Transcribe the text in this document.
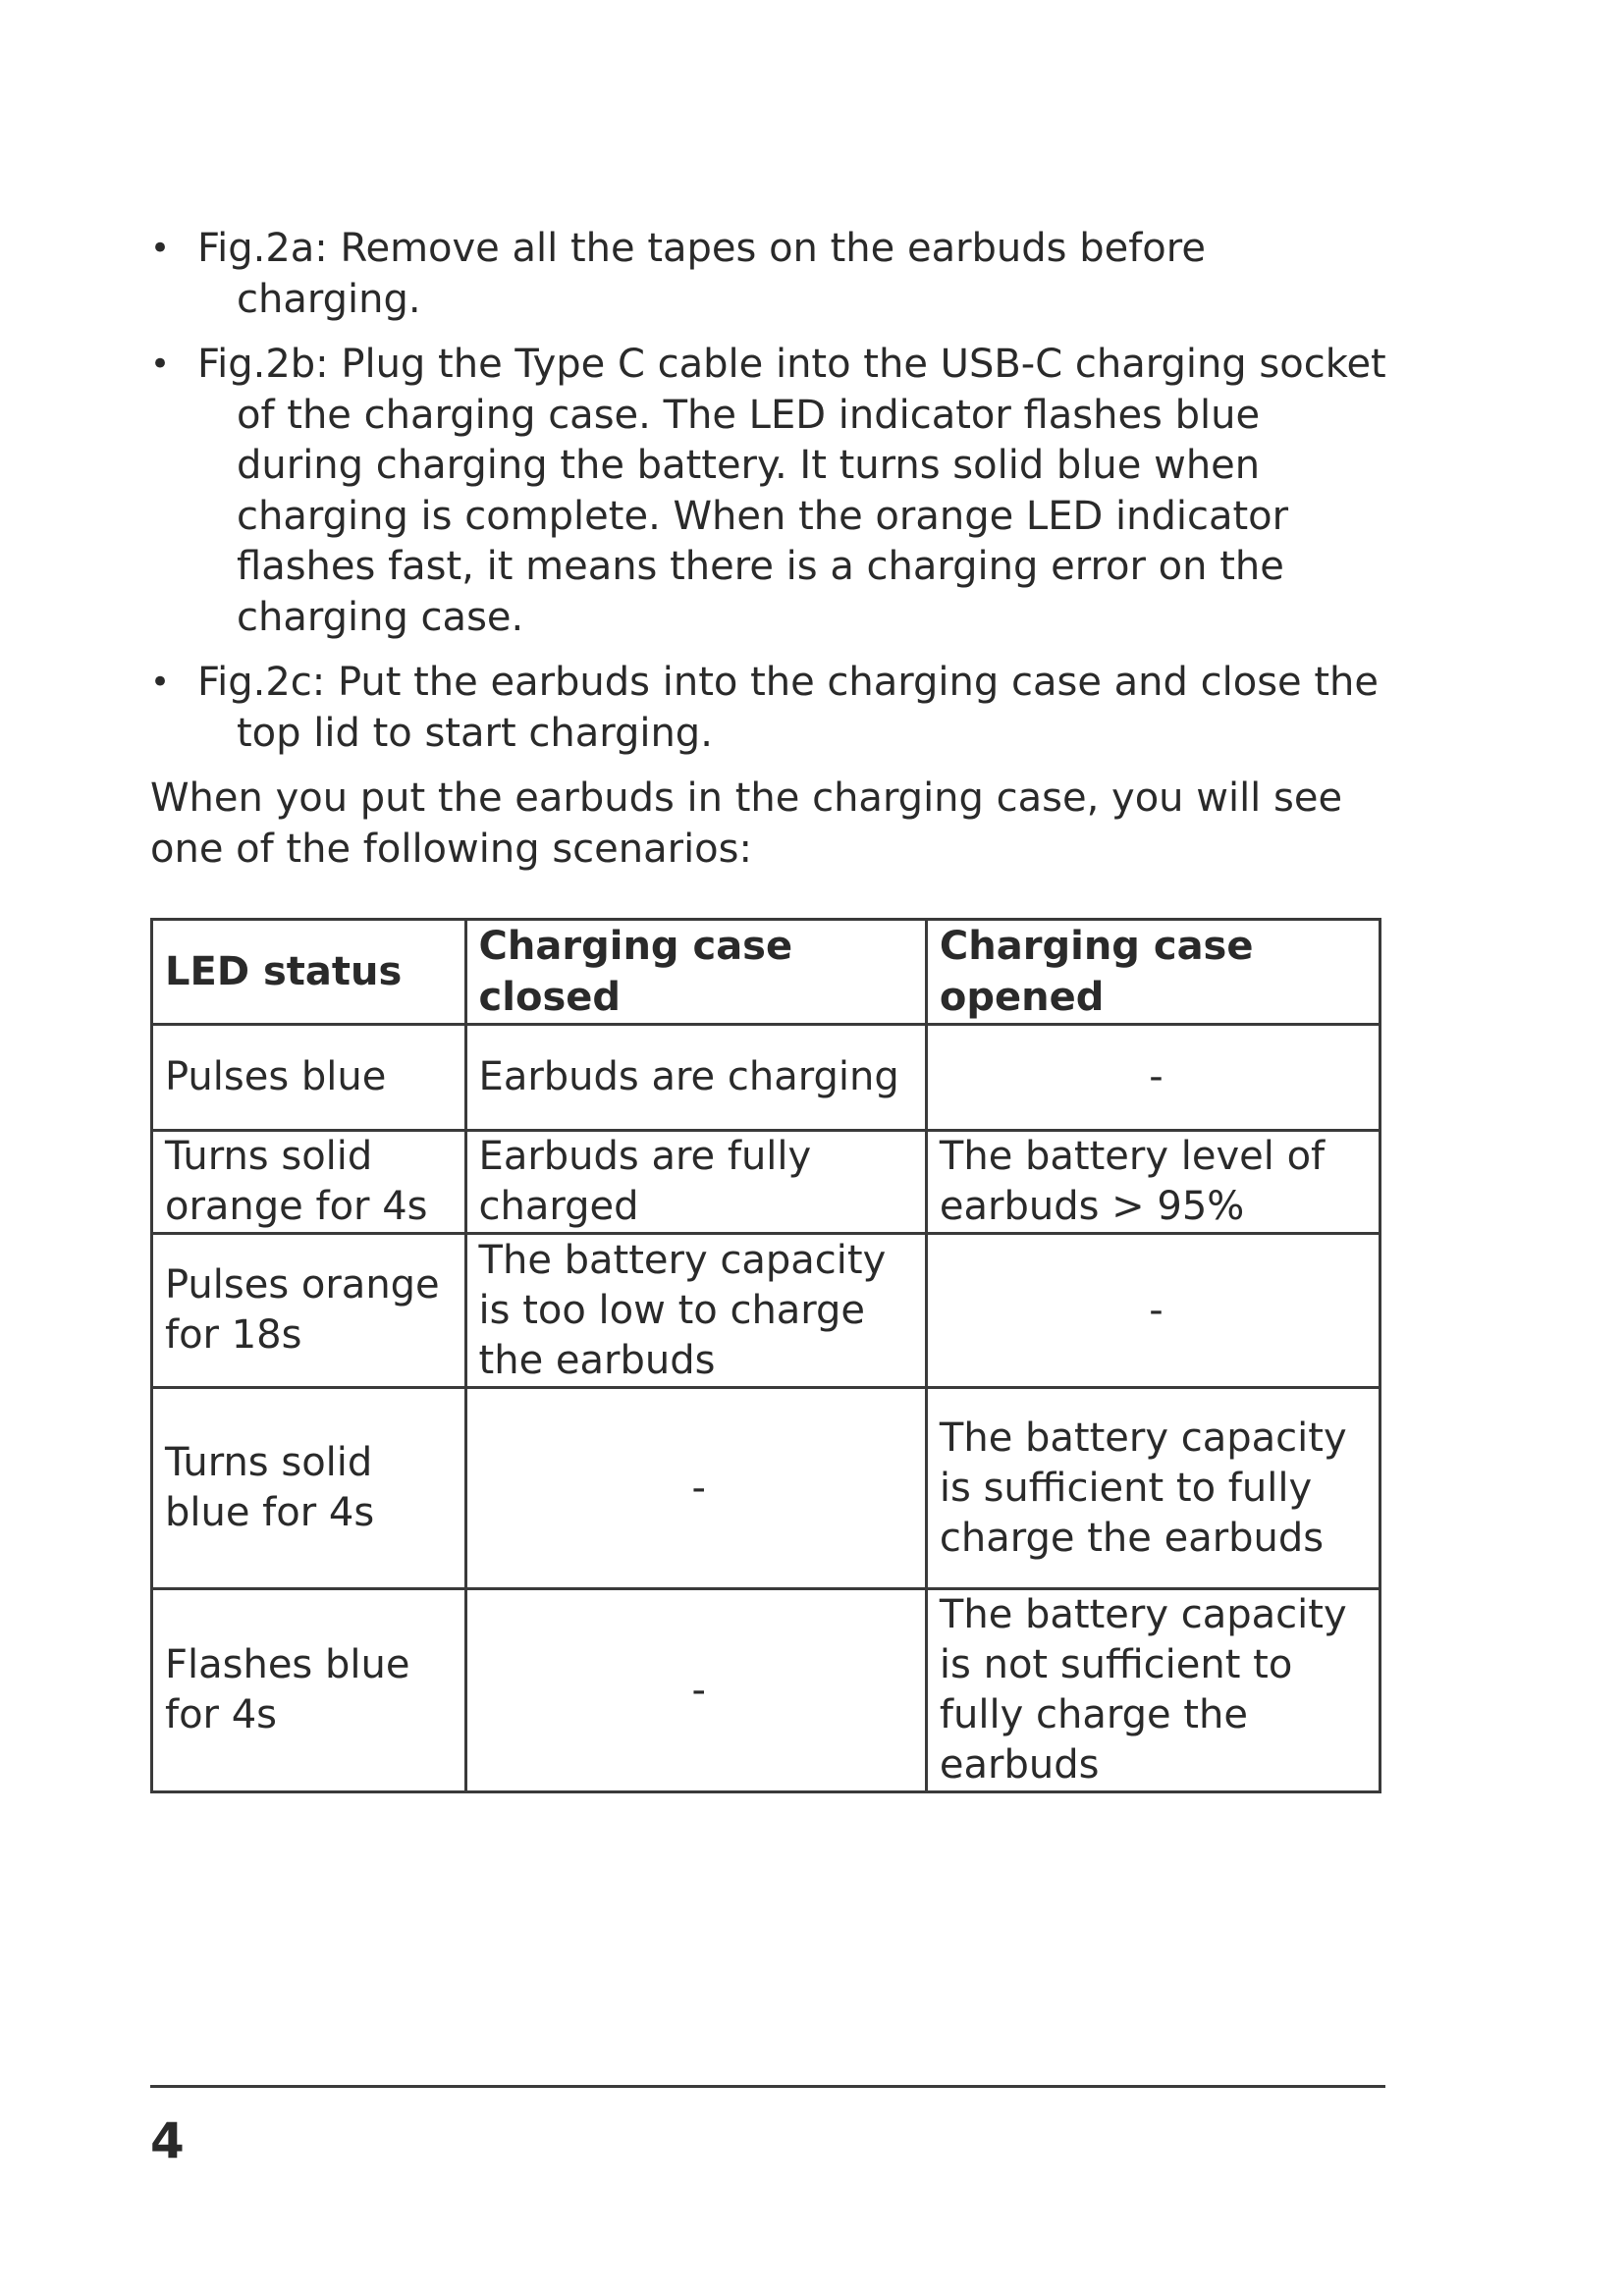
• Fig.2a: Remove all the tapes on the earbuds before charging.
• Fig.2b: Plug the Type C cable into the USB-C charging socket of the charging case. The LED indicator flashes blue during charging the battery. It turns solid blue when charging is complete. When the orange LED indicator flashes fast, it means there is a charging error on the charging case.
• Fig.2c: Put the earbuds into the charging case and close the top lid to start charging.

When you put the earbuds in the charging case, you will see one of the following scenarios:

LED status	Charging case closed	Charging case opened
Pulses blue	Earbuds are charging	-
Turns solid orange for 4s	Earbuds are fully charged	The battery level of earbuds > 95%
Pulses orange for 18s	The battery capacity is too low to charge the earbuds	-
Turns solid blue for 4s	-	The battery capacity is sufficient to fully charge the earbuds
Flashes blue for 4s	-	The battery capacity is not sufficient to fully charge the earbuds
4
